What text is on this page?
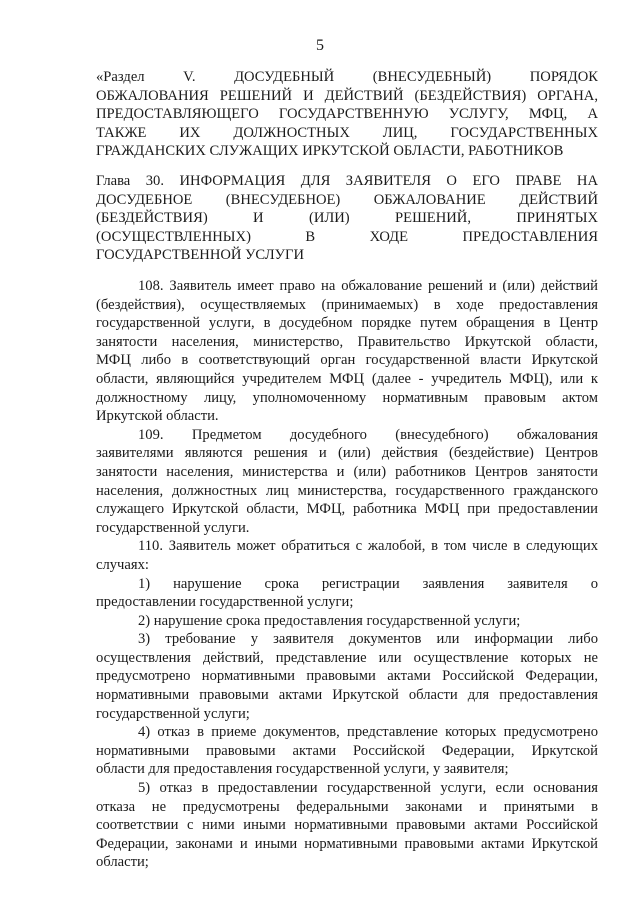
5
«Раздел V. ДОСУДЕБНЫЙ (ВНЕСУДЕБНЫЙ) ПОРЯДОК
ОБЖАЛОВАНИЯ РЕШЕНИЙ И ДЕЙСТВИЙ (БЕЗДЕЙСТВИЯ) ОРГАНА,
ПРЕДОСТАВЛЯЮЩЕГО ГОСУДАРСТВЕННУЮ УСЛУГУ, МФЦ, А
ТАКЖЕ ИХ ДОЛЖНОСТНЫХ ЛИЦ, ГОСУДАРСТВЕННЫХ
ГРАЖДАНСКИХ СЛУЖАЩИХ ИРКУТСКОЙ ОБЛАСТИ, РАБОТНИКОВ
Глава 30. ИНФОРМАЦИЯ ДЛЯ ЗАЯВИТЕЛЯ О ЕГО ПРАВЕ НА
ДОСУДЕБНОЕ (ВНЕСУДЕБНОЕ) ОБЖАЛОВАНИЕ ДЕЙСТВИЙ
(БЕЗДЕЙСТВИЯ) И (ИЛИ) РЕШЕНИЙ, ПРИНЯТЫХ
(ОСУЩЕСТВЛЕННЫХ) В ХОДЕ ПРЕДОСТАВЛЕНИЯ
ГОСУДАРСТВЕННОЙ УСЛУГИ
108. Заявитель имеет право на обжалование решений и (или) действий
(бездействия), осуществляемых (принимаемых) в ходе предоставления
государственной услуги, в досудебном порядке путем обращения в Центр
занятости населения, министерство, Правительство Иркутской области,
МФЦ либо в соответствующий орган государственной власти Иркутской
области, являющийся учредителем МФЦ (далее - учредитель МФЦ), или к
должностному лицу, уполномоченному нормативным правовым актом
Иркутской области.
109. Предметом досудебного (внесудебного) обжалования
заявителями являются решения и (или) действия (бездействие) Центров
занятости населения, министерства и (или) работников Центров занятости
населения, должностных лиц министерства, государственного гражданского
служащего Иркутской области, МФЦ, работника МФЦ при предоставлении
государственной услуги.
110. Заявитель может обратиться с жалобой, в том числе в следующих
случаях:
1) нарушение срока регистрации заявления заявителя о
предоставлении государственной услуги;
2) нарушение срока предоставления государственной услуги;
3) требование у заявителя документов или информации либо
осуществления действий, представление или осуществление которых не
предусмотрено нормативными правовыми актами Российской Федерации,
нормативными правовыми актами Иркутской области для предоставления
государственной услуги;
4) отказ в приеме документов, представление которых предусмотрено
нормативными правовыми актами Российской Федерации, Иркутской
области для предоставления государственной услуги, у заявителя;
5) отказ в предоставлении государственной услуги, если основания
отказа не предусмотрены федеральными законами и принятыми в
соответствии с ними иными нормативными правовыми актами Российской
Федерации, законами и иными нормативными правовыми актами Иркутской
области;
